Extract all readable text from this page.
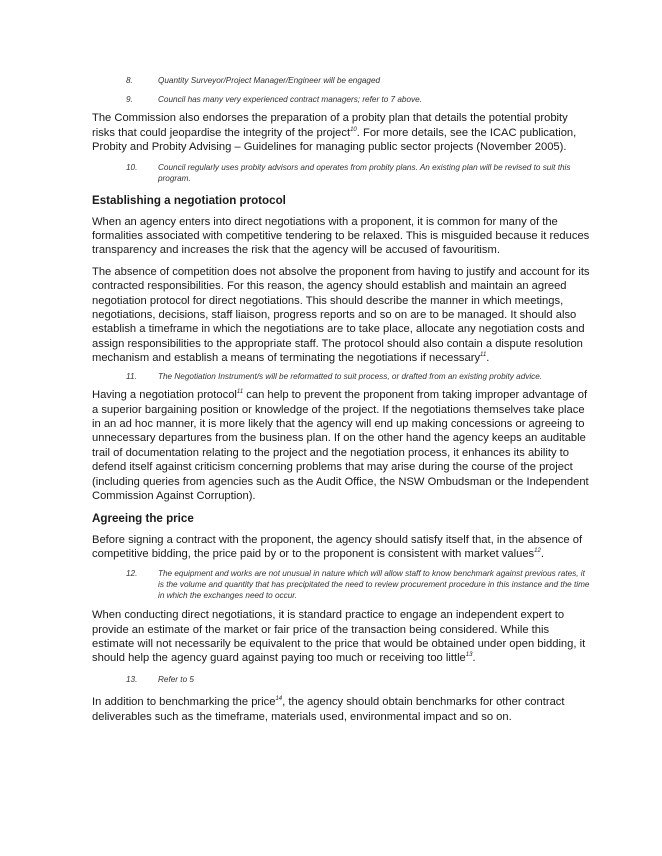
8.	Quantity Surveyor/Project Manager/Engineer will be engaged
9.	Council has many very experienced contract managers; refer to 7 above.

The Commission also endorses the preparation of a probity plan that details the potential probity risks that could jeopardise the integrity of the project$^{10}$. For more details, see the ICAC publication, Probity and Probity Advising – Guidelines for managing public sector projects (November 2005).

10.	Council regularly uses probity advisors and operates from probity plans. An existing plan will be revised to suit this program.

Establishing a negotiation protocol

When an agency enters into direct negotiations with a proponent, it is common for many of the formalities associated with competitive tendering to be relaxed. This is misguided because it reduces transparency and increases the risk that the agency will be accused of favouritism.

The absence of competition does not absolve the proponent from having to justify and account for its contracted responsibilities. For this reason, the agency should establish and maintain an agreed negotiation protocol for direct negotiations. This should describe the manner in which meetings, negotiations, decisions, staff liaison, progress reports and so on are to be managed. It should also establish a timeframe in which the negotiations are to take place, allocate any negotiation costs and assign responsibilities to the appropriate staff. The protocol should also contain a dispute resolution mechanism and establish a means of terminating the negotiations if necessary$^{11}$.

11.	The Negotiation Instrument/s will be reformatted to suit process, or drafted from an existing probity advice.

Having a negotiation protocol$^{11}$ can help to prevent the proponent from taking improper advantage of a superior bargaining position or knowledge of the project. If the negotiations themselves take place in an ad hoc manner, it is more likely that the agency will end up making concessions or agreeing to unnecessary departures from the business plan. If on the other hand the agency keeps an auditable trail of documentation relating to the project and the negotiation process, it enhances its ability to defend itself against criticism concerning problems that may arise during the course of the project (including queries from agencies such as the Audit Office, the NSW Ombudsman or the Independent Commission Against Corruption).

Agreeing the price

Before signing a contract with the proponent, the agency should satisfy itself that, in the absence of competitive bidding, the price paid by or to the proponent is consistent with market values$^{12}$.

12.	The equipment and works are not unusual in nature which will allow staff to know benchmark against previous rates, it is the volume and quantity that has precipitated the need to review procurement procedure in this instance and the time in which the exchanges need to occur.

When conducting direct negotiations, it is standard practice to engage an independent expert to provide an estimate of the market or fair price of the transaction being considered. While this estimate will not necessarily be equivalent to the price that would be obtained under open bidding, it should help the agency guard against paying too much or receiving too little$^{13}$.

13.	Refer to 5

In addition to benchmarking the price$^{14}$, the agency should obtain benchmarks for other contract deliverables such as the timeframe, materials used, environmental impact and so on.
